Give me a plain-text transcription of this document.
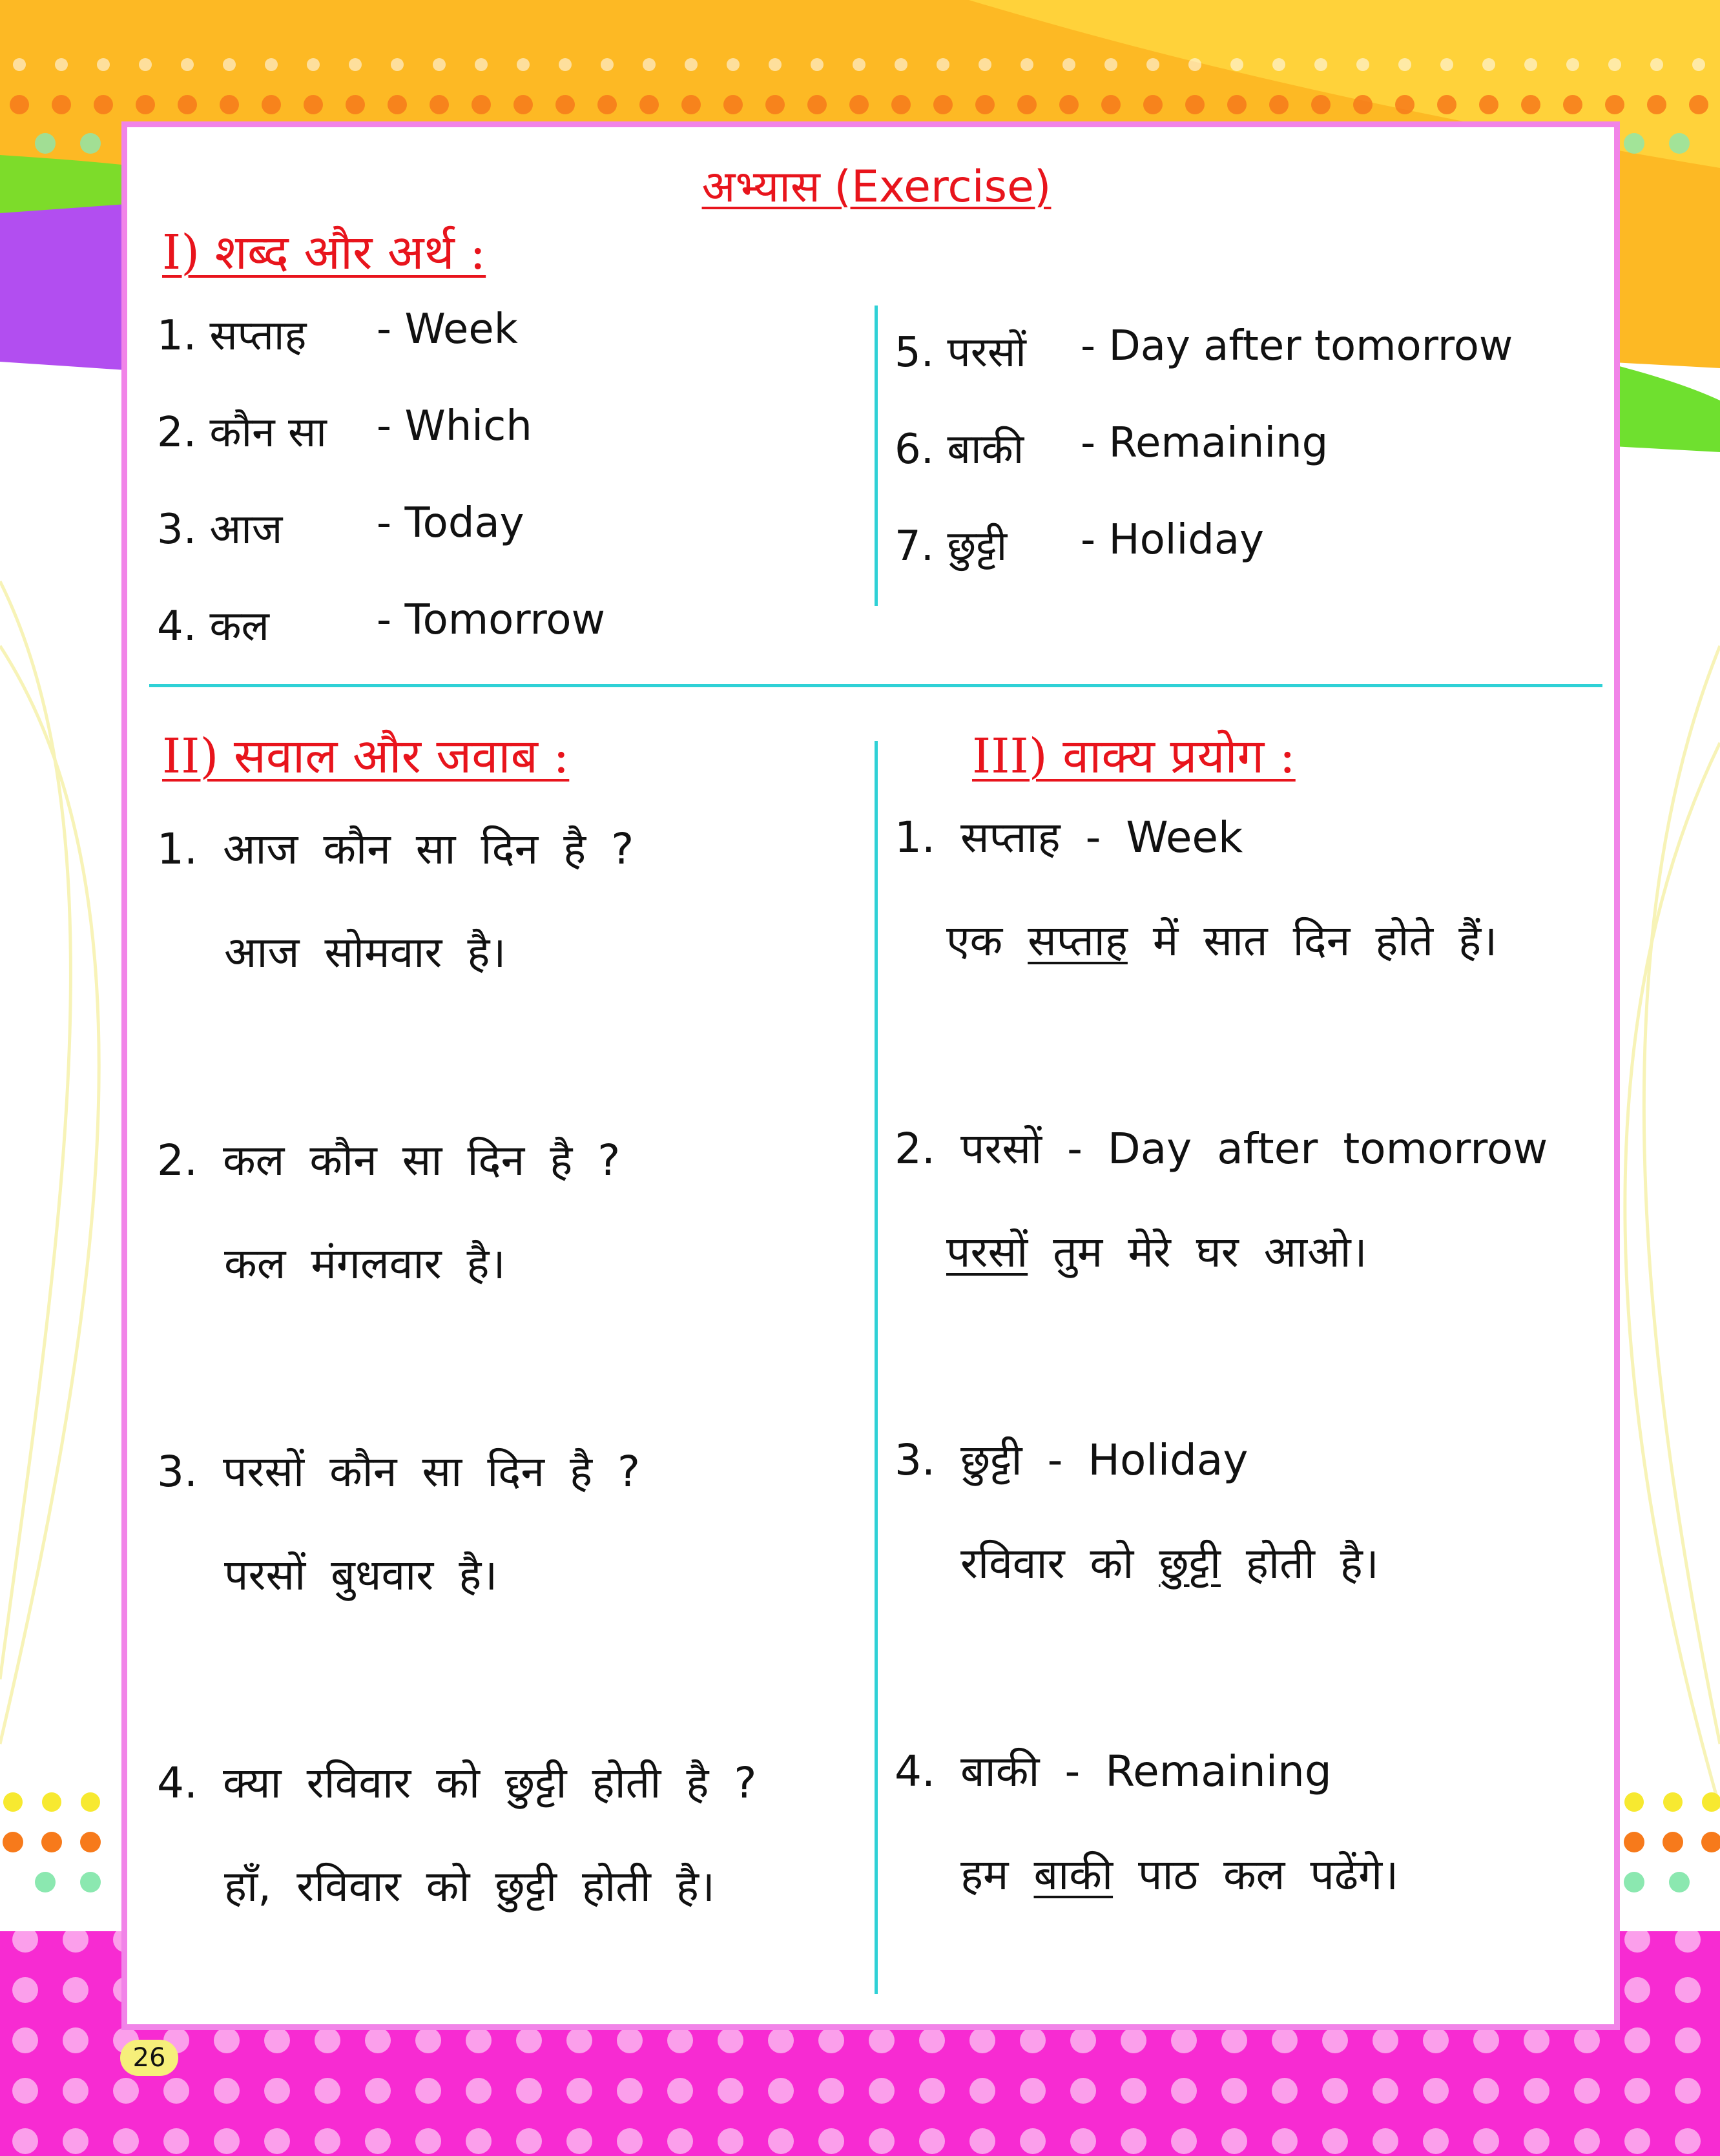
अभ्यास (Exercise)
I) शब्द और अर्थ :
1. सप्ताह - Week
2. कौन सा - Which
3. आज - Today
4. कल	- Tomorrow
5. परसों - Day after tomorrow
6. बाकी - Remaining
7. छुट्टी - Holiday
II) सवाल और जवाब :
1. आज कौन सा दिन है ?
आज सोमवार है।
2. कल कौन सा दिन है ?
कल मंगलवार है।
3. परसों कौन सा दिन है ?
परसों बुधवार है।
4. क्या रविवार को छुट्टी होती है ?
हाँ, रविवार को छुट्टी होती है।
III) वाक्य प्रयोग :
1. सप्ताह - Week
एक सप्ताह में सात दिन होते हैं।
2. परसों - Day after tomorrow
परसों तुम मेरे घर आओ।
3. छुट्टी - Holiday
रविवार को छुट्टी होती है।
4. बाकी - Remaining
हम बाकी पाठ कल पढेंगे।
26
